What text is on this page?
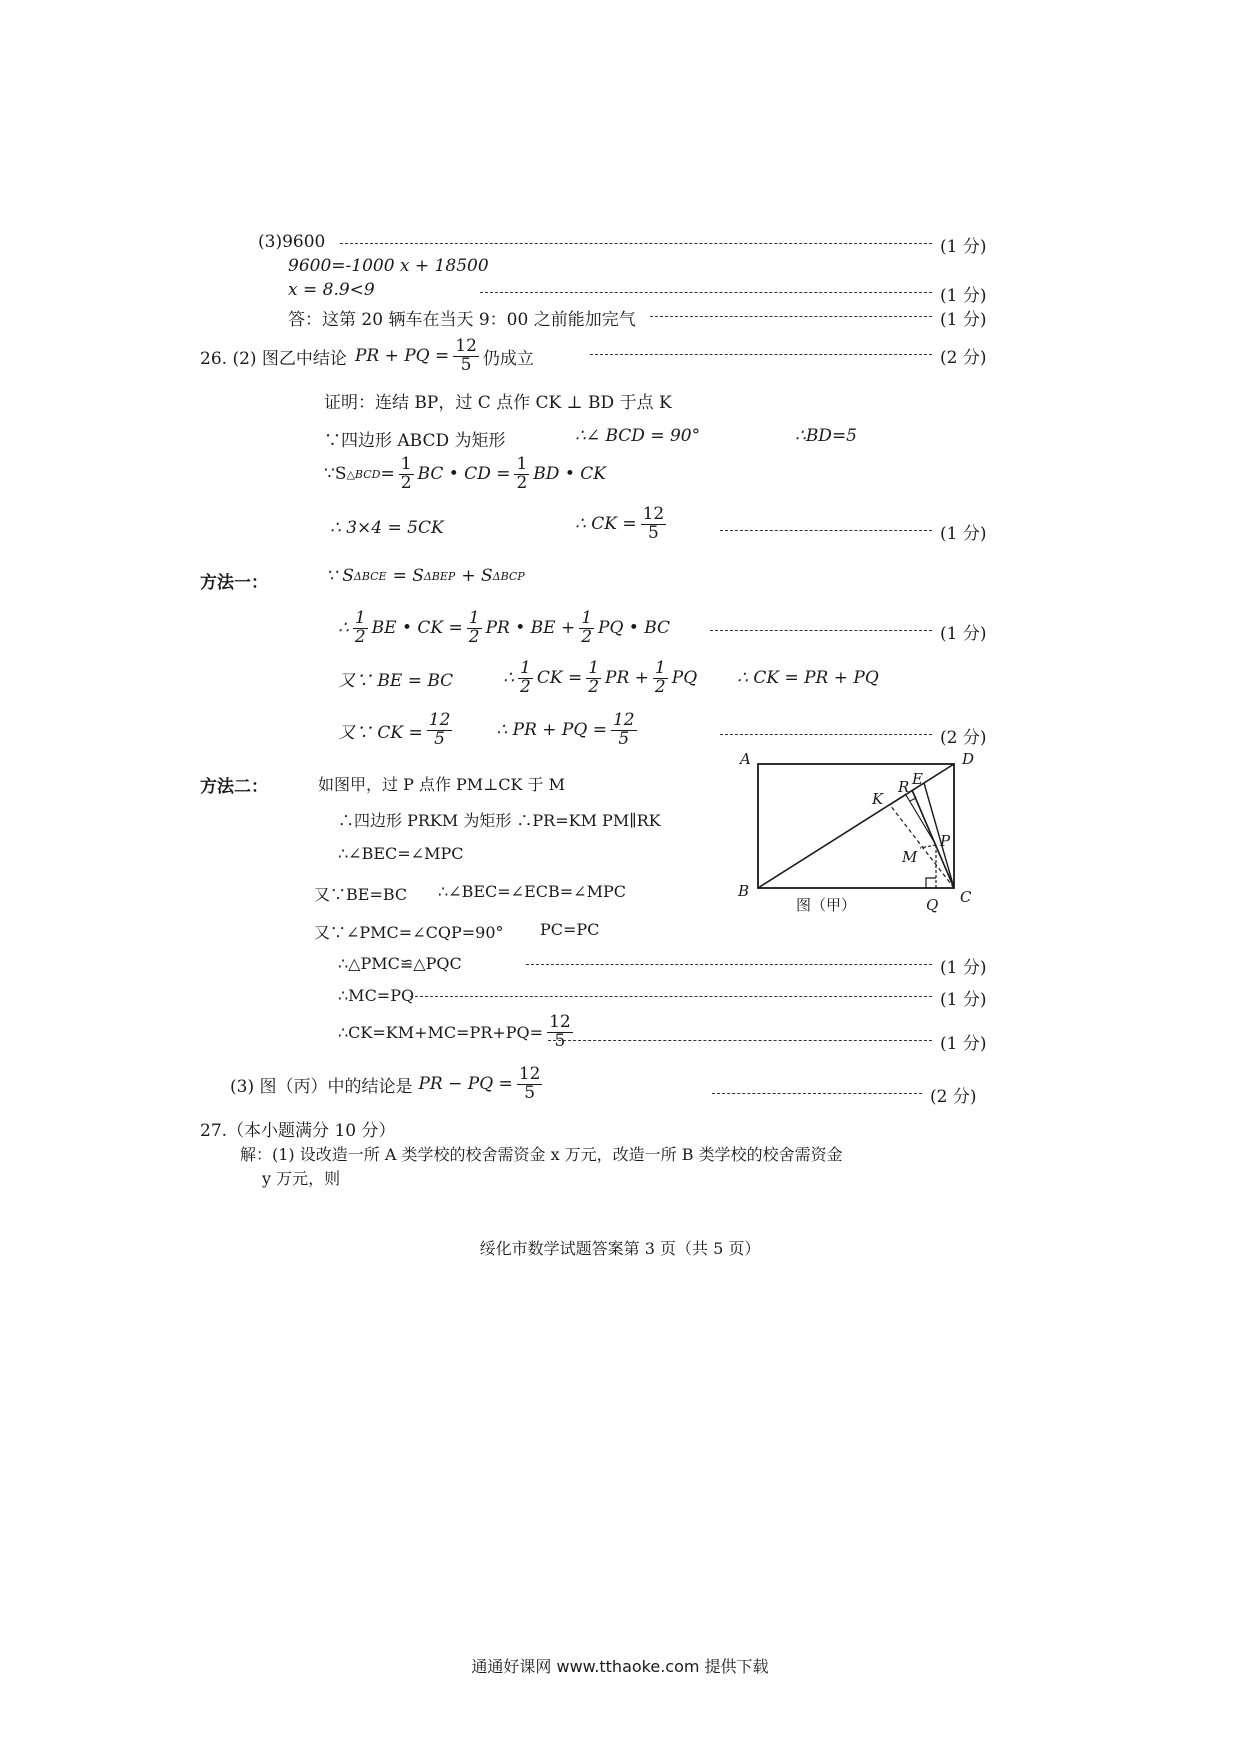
(3)9600	(1 分)
9600=-1000 x + 18500
x = 8.9<9	(1 分)
答：这第 20 辆车在当天 9：00 之前能加完气	(1 分)
26. (2) 图乙中结论 PR + PQ = $\frac{12}{5}$ 仍成立	(2 分)
证明：连结 BP，过 C 点作 CK ⊥ BD 于点 K
∵四边形 ABCD 为矩形	∴∠ BCD = 90°	∴BD=5
∵S △BCD = $\frac{1}{2}$ BC • CD = $\frac{1}{2}$ BD • CK
∴ 3×4 = 5CK	∴ CK = $\frac{12}{5}$	(1 分)
方法一：	∵ S ΔBCE = S ΔBEP + S ΔBCP
∴ $\frac{1}{2}$ BE • CK = $\frac{1}{2}$ PR • BE + $\frac{1}{2}$ PQ • BC	(1 分)
又∵ BE = BC	∴ $\frac{1}{2}$ CK = $\frac{1}{2}$ PR + $\frac{1}{2}$ PQ ∴ CK = PR + PQ
又∵ CK = $\frac{12}{5}$	∴ PR + PQ = $\frac{12}{5}$	(2 分)
方法二：	如图甲，过 P 点作 PM⊥CK 于 M
∴四边形 PRKM 为矩形 ∴PR=KM PM∥RK
∴∠BEC=∠MPC
又∵BE=BC ∴∠BEC=∠ECB=∠MPC
又∵∠PMC=∠CQP=90° PC=PC
∴△PMC≌△PQC	(1 分)
∴MC=PQ	(1 分)
∴CK=KM+MC=PR+PQ= $\frac{12}{5}$	(1 分)
(3) 图（丙）中的结论是 PR − PQ = $\frac{12}{5}$	(2 分)
27.（本小题满分 10 分）
解：(1) 设改造一所 A 类学校的校舍需资金 x 万元，改造一所 B 类学校的校舍需资金
y 万元，则
绥化市数学试题答案第 3 页（共 5 页）
通通好课网 www.tthaoke.com 提供下载
A	D
B	C
K
R E
P
M
Q
图（甲）
